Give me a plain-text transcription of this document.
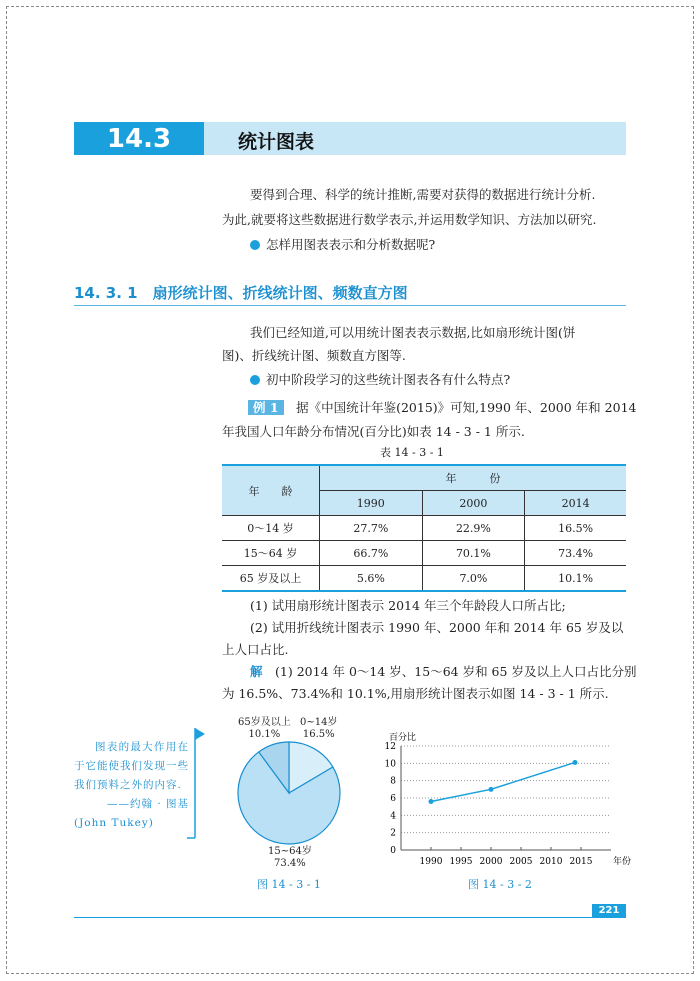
14.3	统计图表
要得到合理、科学的统计推断,需要对获得的数据进行统计分析.
为此,就要将这些数据进行数学表示,并运用数学知识、方法加以研究.
怎样用图表表示和分析数据呢?
14. 3. 1　扇形统计图、折线统计图、频数直方图
我们已经知道,可以用统计图表表示数据,比如扇形统计图(饼
图)、折线统计图、频数直方图等.
初中阶段学习的这些统计图表各有什么特点?
例 1　 据《中国统计年鉴(2015)》可知,1990 年、2000 年和 2014
年我国人口年龄分布情况(百分比)如表 14 - 3 - 1 所示.
表 14 - 3 - 1
年　　龄	年　　　份		
	1990	2000	2014
0～14 岁	27.7%	22.9%	16.5%
15～64 岁	66.7%	70.1%	73.4%
65 岁及以上	5.6%	7.0%	10.1%
(1) 试用扇形统计图表示 2014 年三个年龄段人口所占比;
(2) 试用折线统计图表示 1990 年、2000 年和 2014 年 65 岁及以
上人口占比.
解　 (1) 2014 年 0～14 岁、15～64 岁和 65 岁及以上人口占比分别
为 16.5%、73.4%和 10.1%,用扇形统计图表示如图 14 - 3 - 1 所示.
图表的最大作用在于它能使我们发现一些我们预料之外的内容.

——约翰 · 图基
(John Tukey)
65岁及以上
10.1%
0~14岁
16.5%
15~64岁
73.4%
图 14 - 3 - 1
百分比
0
2
4
6
8
10
12
1990 1995 2000 2005 2010 2015 年份
图 14 - 3 - 2
221
